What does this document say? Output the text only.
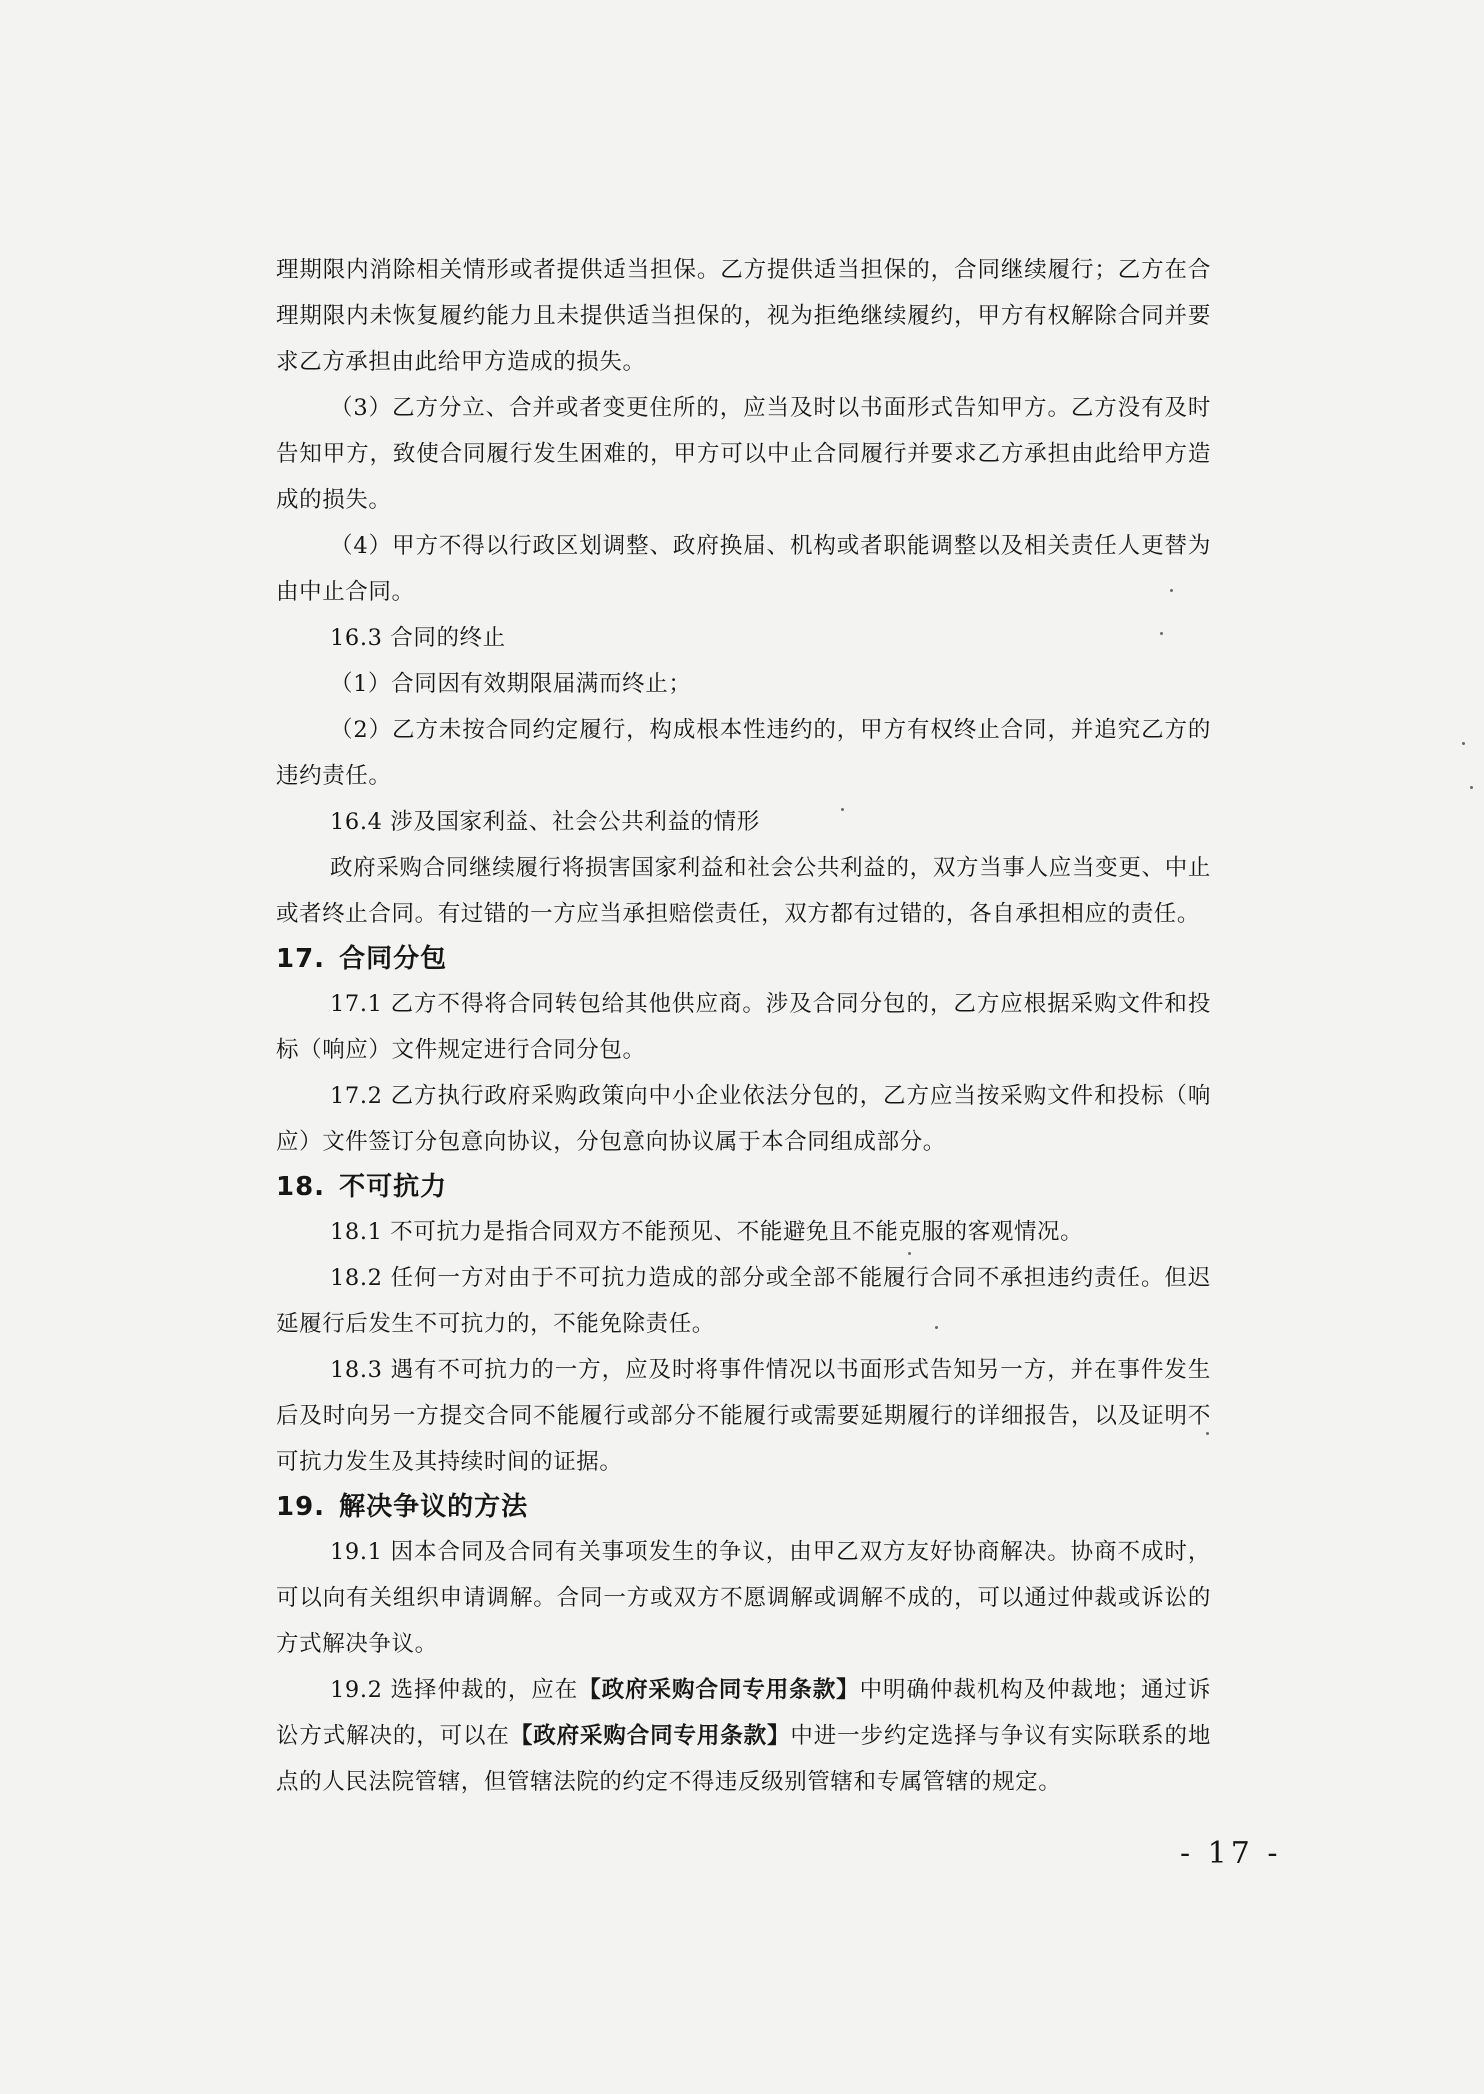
理期限内消除相关情形或者提供适当担保。乙方提供适当担保的，合同继续履行；乙方在合理期限内未恢复履约能力且未提供适当担保的，视为拒绝继续履约，甲方有权解除合同并要求乙方承担由此给甲方造成的损失。

（3）乙方分立、合并或者变更住所的，应当及时以书面形式告知甲方。乙方没有及时告知甲方，致使合同履行发生困难的，甲方可以中止合同履行并要求乙方承担由此给甲方造成的损失。

（4）甲方不得以行政区划调整、政府换届、机构或者职能调整以及相关责任人更替为由中止合同。

16.3 合同的终止

（1）合同因有效期限届满而终止；

（2）乙方未按合同约定履行，构成根本性违约的，甲方有权终止合同，并追究乙方的违约责任。

16.4 涉及国家利益、社会公共利益的情形

政府采购合同继续履行将损害国家利益和社会公共利益的，双方当事人应当变更、中止或者终止合同。有过错的一方应当承担赔偿责任，双方都有过错的，各自承担相应的责任。

17. 合同分包

17.1 乙方不得将合同转包给其他供应商。涉及合同分包的，乙方应根据采购文件和投标（响应）文件规定进行合同分包。

17.2 乙方执行政府采购政策向中小企业依法分包的，乙方应当按采购文件和投标（响应）文件签订分包意向协议，分包意向协议属于本合同组成部分。

18. 不可抗力

18.1 不可抗力是指合同双方不能预见、不能避免且不能克服的客观情况。

18.2 任何一方对由于不可抗力造成的部分或全部不能履行合同不承担违约责任。但迟延履行后发生不可抗力的，不能免除责任。

18.3 遇有不可抗力的一方，应及时将事件情况以书面形式告知另一方，并在事件发生后及时向另一方提交合同不能履行或部分不能履行或需要延期履行的详细报告，以及证明不可抗力发生及其持续时间的证据。

19. 解决争议的方法

19.1 因本合同及合同有关事项发生的争议，由甲乙双方友好协商解决。协商不成时，可以向有关组织申请调解。合同一方或双方不愿调解或调解不成的，可以通过仲裁或诉讼的方式解决争议。

19.2 选择仲裁的，应在【政府采购合同专用条款】中明确仲裁机构及仲裁地；通过诉讼方式解决的，可以在【政府采购合同专用条款】中进一步约定选择与争议有实际联系的地点的人民法院管辖，但管辖法院的约定不得违反级别管辖和专属管辖的规定。

- 17 -
